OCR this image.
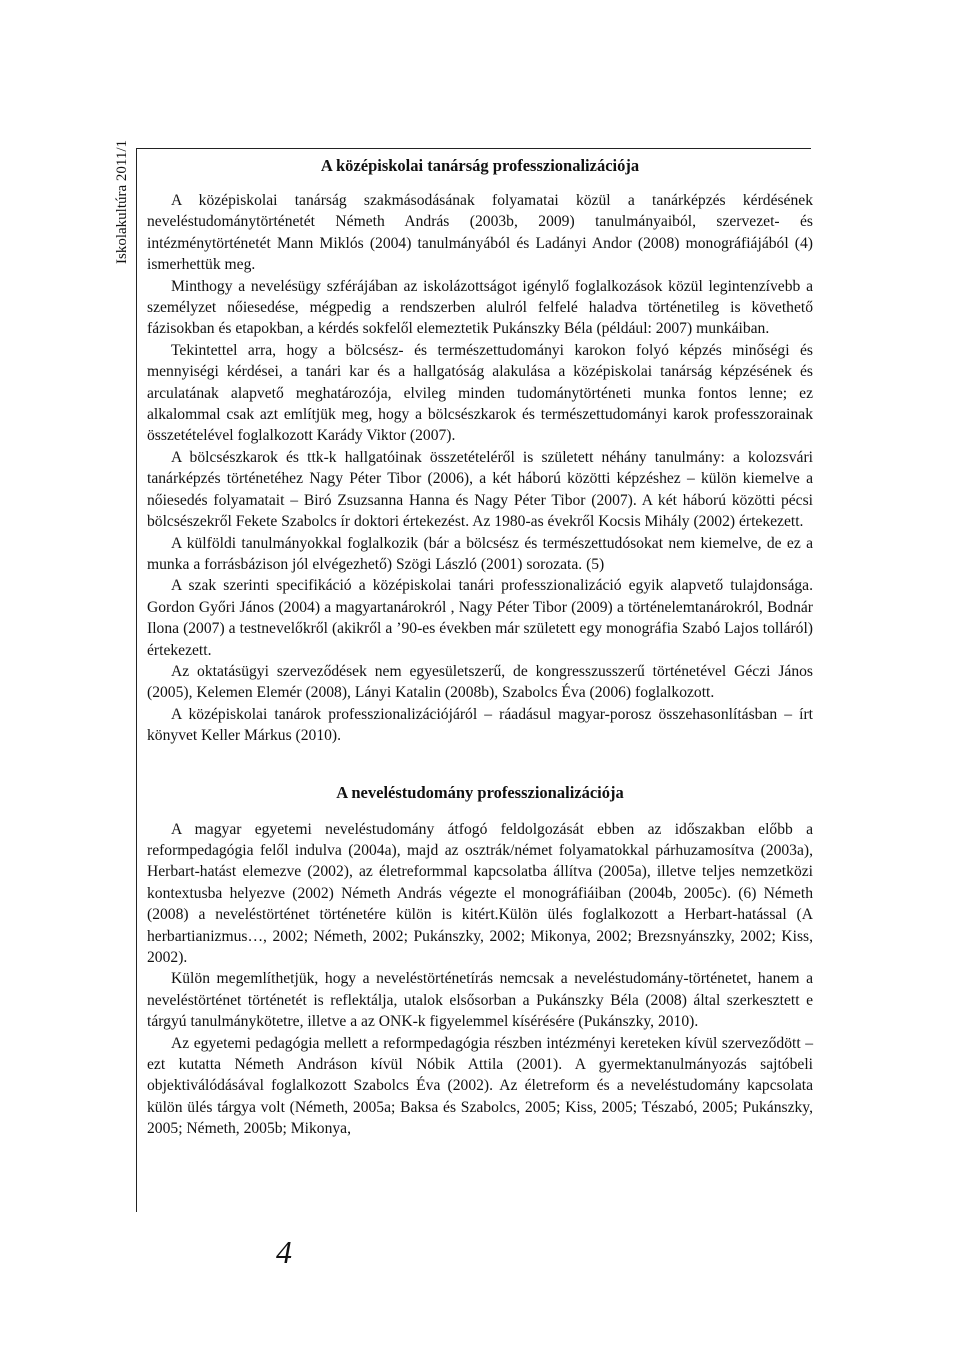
Iskolakultúra 2011/1	A középiskolai tanárság professzionalizációja

A középiskolai tanárság szakmásodásának folyamatai közül a tanárképzés kérdésének neveléstudománytörténetét Németh András (2003b, 2009) tanulmányaiból, szervezet- és intézménytörténetét Mann Miklós (2004) tanulmányából és Ladányi Andor (2008) monográfiájából (4) ismerhettük meg.

Minthogy a nevelésügy szférájában az iskolázottságot igénylő foglalkozások közül legintenzívebb a személyzet nőiesedése, mégpedig a rendszerben alulról felfelé haladva történetileg is követhető fázisokban és etapokban, a kérdés sokfelől elemeztetik Pukánszky Béla (például: 2007) munkáiban.

Tekintettel arra, hogy a bölcsész- és természettudományi karokon folyó képzés minőségi és mennyiségi kérdései, a tanári kar és a hallgatóság alakulása a középiskolai tanárság képzésének és arculatának alapvető meghatározója, elvileg minden tudománytörténeti munka fontos lenne; ez alkalommal csak azt említjük meg, hogy a bölcsészkarok és természettudományi karok professzorainak összetételével foglalkozott Karády Viktor (2007).

A bölcsészkarok és ttk-k hallgatóinak összetételéről is született néhány tanulmány: a kolozsvári tanárképzés történetéhez Nagy Péter Tibor (2006), a két háború közötti képzéshez – külön kiemelve a nőiesedés folyamatait – Biró Zsuzsanna Hanna és Nagy Péter Tibor (2007). A két háború közötti pécsi bölcsészekről Fekete Szabolcs ír doktori értekezést. Az 1980-as évekről Kocsis Mihály (2002) értekezett.

A külföldi tanulmányokkal foglalkozik (bár a bölcsész és természettudósokat nem kiemelve, de ez a munka a forrásbázison jól elvégezhető) Szögi László (2001) sorozata. (5)

A szak szerinti specifikáció a középiskolai tanári professzionalizáció egyik alapvető tulajdonsága. Gordon Győri János (2004) a magyartanárokról , Nagy Péter Tibor (2009) a történelemtanárokról, Bodnár Ilona (2007) a testnevelőkről (akikről a ’90-es években már született egy monográfia Szabó Lajos tolláról) értekezett.

Az oktatásügyi szerveződések nem egyesületszerű, de kongresszusszerű történetével Géczi János (2005), Kelemen Elemér (2008), Lányi Katalin (2008b), Szabolcs Éva (2006) foglalkozott.

A középiskolai tanárok professzionalizációjáról – ráadásul magyar-porosz összehasonlításban – írt könyvet Keller Márkus (2010).

A neveléstudomány professzionalizációja

A magyar egyetemi neveléstudomány átfogó feldolgozását ebben az időszakban előbb a reformpedagógia felől indulva (2004a), majd az osztrák/német folyamatokkal párhuzamosítva (2003a), Herbart-hatást elemezve (2002), az életreformmal kapcsolatba állítva (2005a), illetve teljes nemzetközi kontextusba helyezve (2002) Németh András végezte el monográfiáiban (2004b, 2005c). (6) Németh (2008) a neveléstörténet történetére külön is kitért.Külön ülés foglalkozott a Herbart-hatással (A herbartianizmus…, 2002; Németh, 2002; Pukánszky, 2002; Mikonya, 2002; Brezsnyánszky, 2002; Kiss, 2002).

Külön megemlíthetjük, hogy a neveléstörténetírás nemcsak a neveléstudomány-történetet, hanem a neveléstörténet történetét is reflektálja, utalok elsősorban a Pukánszky Béla (2008) által szerkesztett e tárgyú tanulmánykötetre, illetve a az ONK-k figyelemmel kísérésére (Pukánszky, 2010).

Az egyetemi pedagógia mellett a reformpedagógia részben intézményi kereteken kívül szerveződött – ezt kutatta Németh Andráson kívül Nóbik Attila (2001). A gyermektanulmányozás sajtóbeli objektiválódásával foglalkozott Szabolcs Éva (2002). Az életreform és a neveléstudomány kapcsolata külön ülés tárgya volt (Németh, 2005a; Baksa és Szabolcs, 2005; Kiss, 2005; Tészabó, 2005; Pukánszky, 2005; Németh, 2005b; Mikonya,

4
